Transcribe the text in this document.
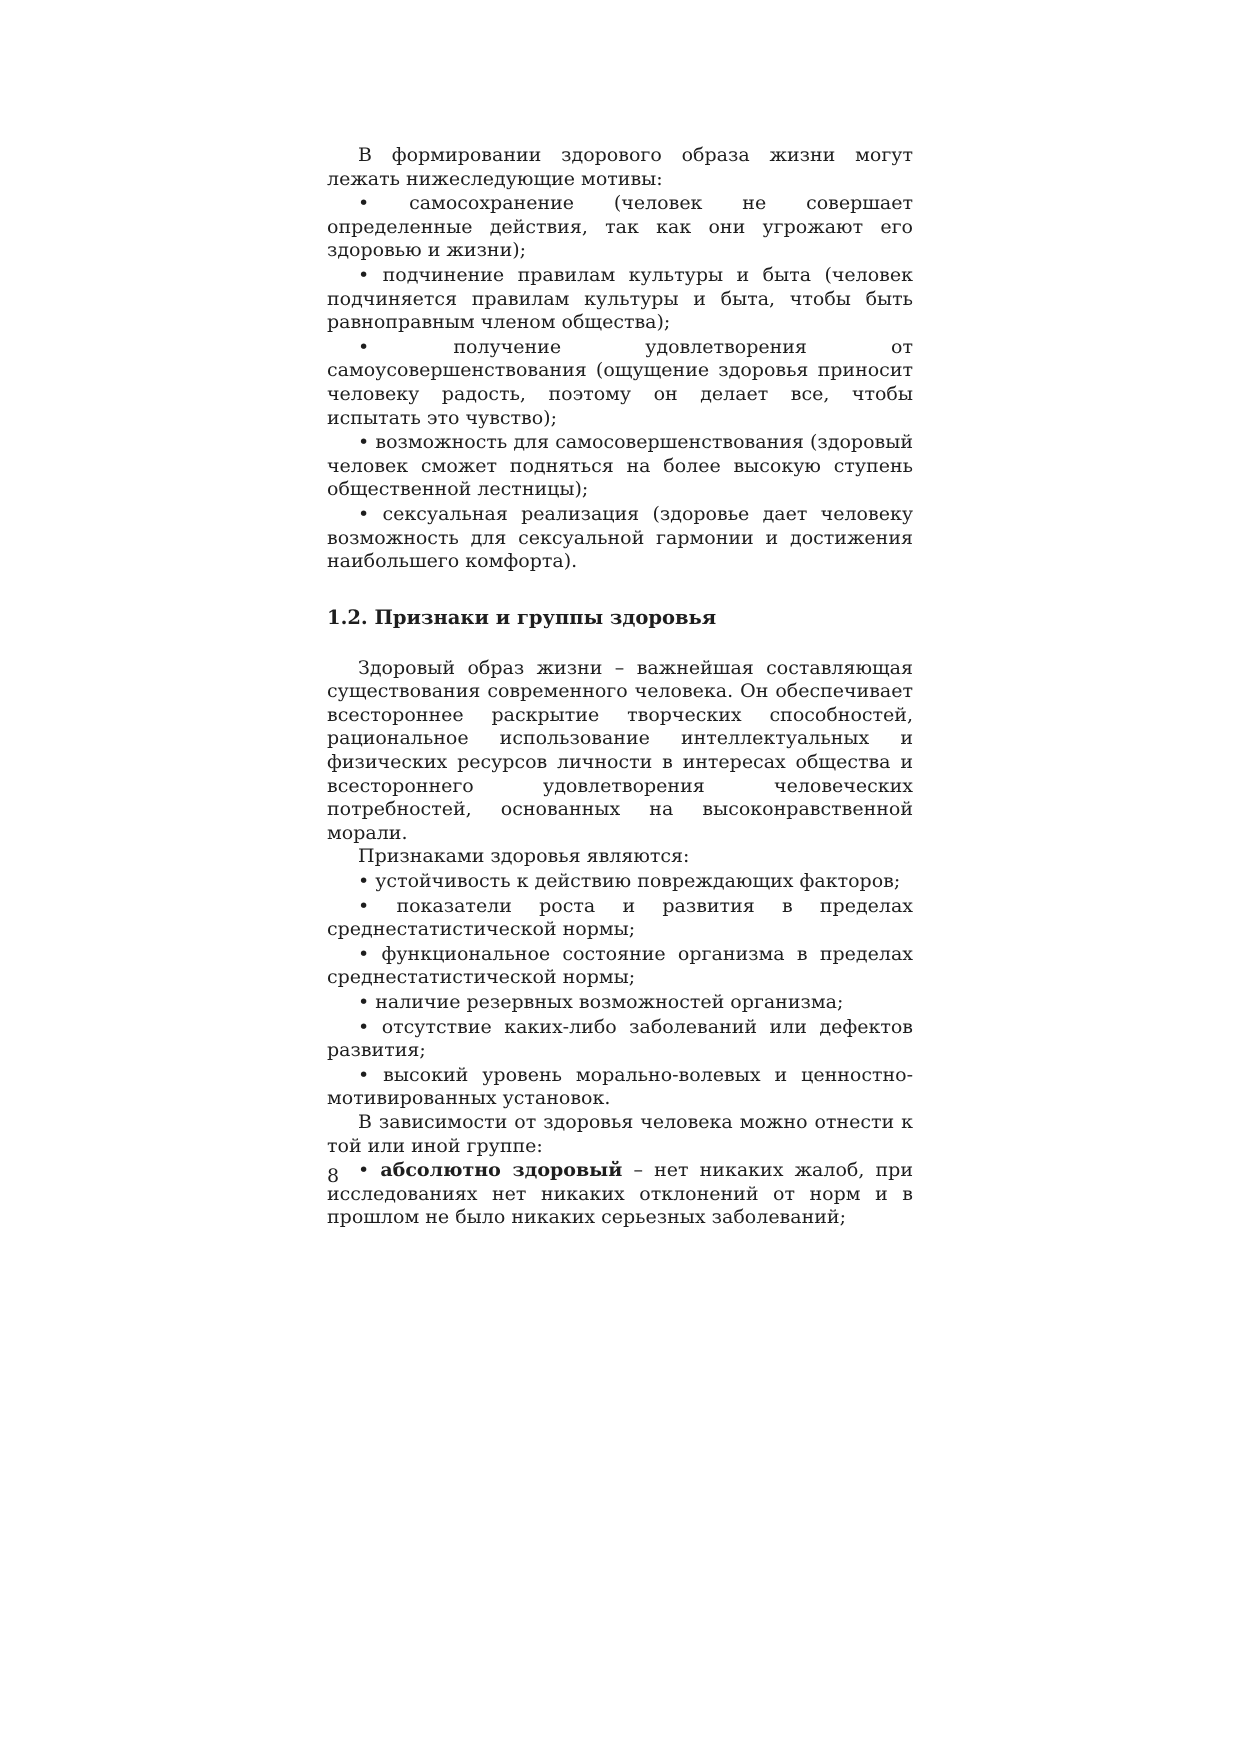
В формировании здорового образа жизни могут лежать нижеследующие мотивы:

• самосохранение (человек не совершает определенные действия, так как они угрожают его здоровью и жизни);

• подчинение правилам культуры и быта (человек подчиняется правилам культуры и быта, чтобы быть равноправным членом общества);

• получение удовлетворения от самоусовершенствования (ощущение здоровья приносит человеку радость, поэтому он делает все, чтобы испытать это чувство);

• возможность для самосовершенствования (здоровый человек сможет подняться на более высокую ступень общественной лестницы);

• сексуальная реализация (здоровье дает человеку возможность для сексуальной гармонии и достижения наибольшего комфорта).

1.2. Признаки и группы здоровья

Здоровый образ жизни – важнейшая составляющая существования современного человека. Он обеспечивает всестороннее раскрытие творческих способностей, рациональное использование интеллектуальных и физических ресурсов личности в интересах общества и всестороннего удовлетворения человеческих потребностей, основанных на высоконравственной морали.

Признаками здоровья являются:

• устойчивость к действию повреждающих факторов;

• показатели роста и развития в пределах среднестатистической нормы;

• функциональное состояние организма в пределах среднестатистической нормы;

• наличие резервных возможностей организма;

• отсутствие каких-либо заболеваний или дефектов развития;

• высокий уровень морально-волевых и ценностно-мотивированных установок.

В зависимости от здоровья человека можно отнести к той или иной группе:

• абсолютно здоровый – нет никаких жалоб, при исследованиях нет никаких отклонений от норм и в прошлом не было никаких серьезных заболеваний;

8
